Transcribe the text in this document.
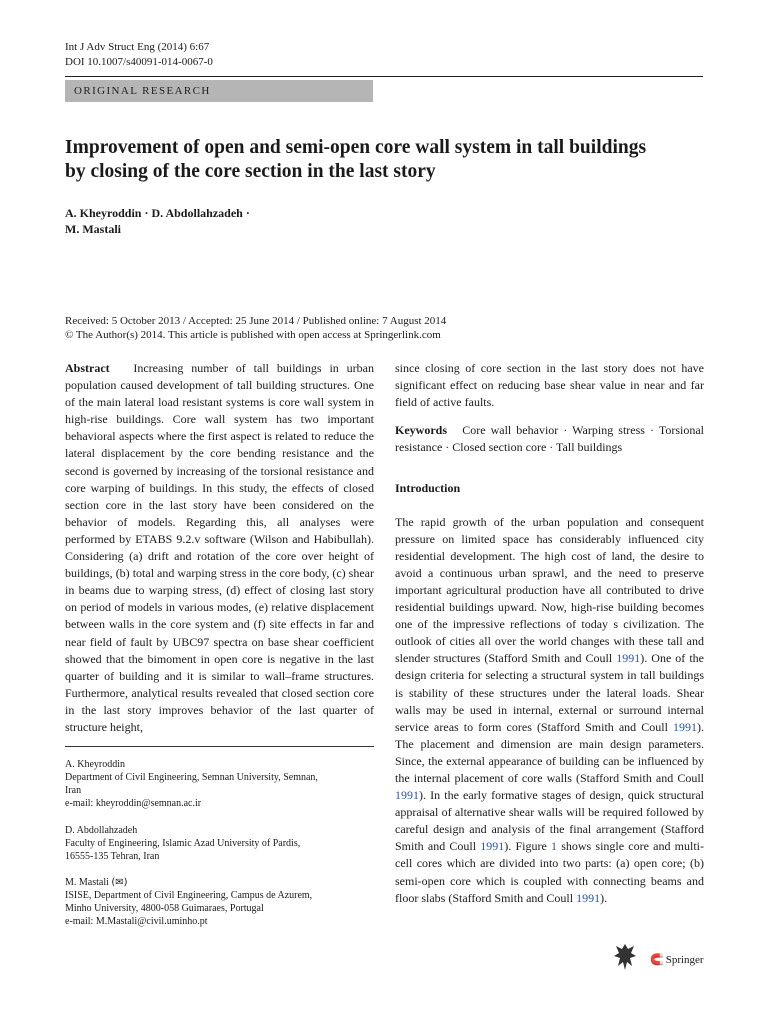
Int J Adv Struct Eng (2014) 6:67
DOI 10.1007/s40091-014-0067-0
ORIGINAL RESEARCH
Improvement of open and semi-open core wall system in tall buildings by closing of the core section in the last story
A. Kheyroddin · D. Abdollahzadeh ·
M. Mastali
Received: 5 October 2013 / Accepted: 25 June 2014 / Published online: 7 August 2014
© The Author(s) 2014. This article is published with open access at Springerlink.com

Abstract Increasing number of tall buildings in urban population caused development of tall building structures. One of the main lateral load resistant systems is core wall system in high-rise buildings. Core wall system has two important behavioral aspects where the first aspect is related to reduce the lateral displacement by the core bending resistance and the second is governed by increasing of the torsional resistance and core warping of buildings. In this study, the effects of closed section core in the last story have been considered on the behavior of models. Regarding this, all analyses were performed by ETABS 9.2.v software (Wilson and Habibullah). Considering (a) drift and rotation of the core over height of buildings, (b) total and warping stress in the core body, (c) shear in beams due to warping stress, (d) effect of closing last story on period of models in various modes, (e) relative displacement between walls in the core system and (f) site effects in far and near field of fault by UBC97 spectra on base shear coefficient showed that the bimoment in open core is negative in the last quarter of building and it is similar to wall–frame structures. Furthermore, analytical results revealed that closed section core in the last story improves behavior of the last quarter of structure height,

since closing of core section in the last story does not have significant effect on reducing base shear value in near and far field of active faults.

Keywords Core wall behavior · Warping stress · Torsional resistance · Closed section core · Tall buildings

Introduction

The rapid growth of the urban population and consequent pressure on limited space has considerably influenced city residential development. The high cost of land, the desire to avoid a continuous urban sprawl, and the need to preserve important agricultural production have all contributed to drive residential buildings upward. Now, high-rise building becomes one of the impressive reflections of today s civilization. The outlook of cities all over the world changes with these tall and slender structures (Stafford Smith and Coull 1991). One of the design criteria for selecting a structural system in tall buildings is stability of these structures under the lateral loads. Shear walls may be used in internal, external or surround internal service areas to form cores (Stafford Smith and Coull 1991). The placement and dimension are main design parameters. Since, the external appearance of building can be influenced by the internal placement of core walls (Stafford Smith and Coull 1991). In the early formative stages of design, quick structural appraisal of alternative shear walls will be required followed by careful design and analysis of the final arrangement (Stafford Smith and Coull 1991). Figure 1 shows single core and multi-cell cores which are divided into two parts: (a) open core; (b) semi-open core which is coupled with connecting beams and floor slabs (Stafford Smith and Coull 1991).

A. Kheyroddin

Department of Civil Engineering, Semnan University, Semnan,

Iran

e-mail: kheyroddin@semnan.ac.ir

D. Abdollahzadeh

Faculty of Engineering, Islamic Azad University of Pardis,

16555-135 Tehran, Iran

M. Mastali (✉)

ISISE, Department of Civil Engineering, Campus de Azurem,

Minho University, 4800-058 Guimaraes, Portugal

e-mail: M.Mastali@civil.uminho.pt

🧲 Springer
